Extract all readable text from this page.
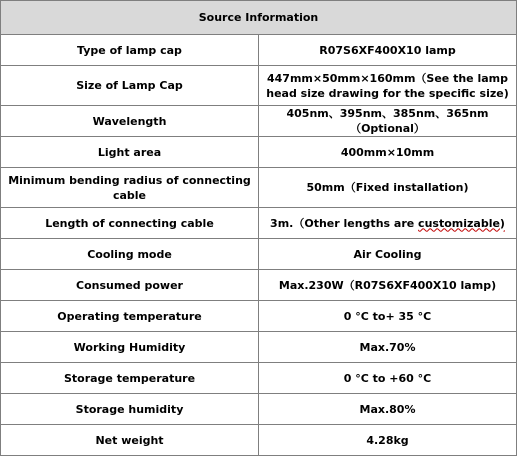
Source Information	
Type of lamp cap	R07S6XF400X10 lamp
Size of Lamp Cap	447mm×50mm×160mm（See the lamp head size drawing for the specific size)
Wavelength	405nm、395nm、385nm、365nm（Optional）
Light area	400mm×10mm
Minimum bending radius of connecting cable	50mm（Fixed installation)
Length of connecting cable	3m.（Other lengths are customizable)
Cooling mode	Air Cooling
Consumed power	Max.230W（R07S6XF400X10 lamp)
Operating temperature	0 °C to+ 35 °C
Working Humidity	Max.70%
Storage temperature	0 °C to +60 °C
Storage humidity	Max.80%
Net weight	4.28kg
